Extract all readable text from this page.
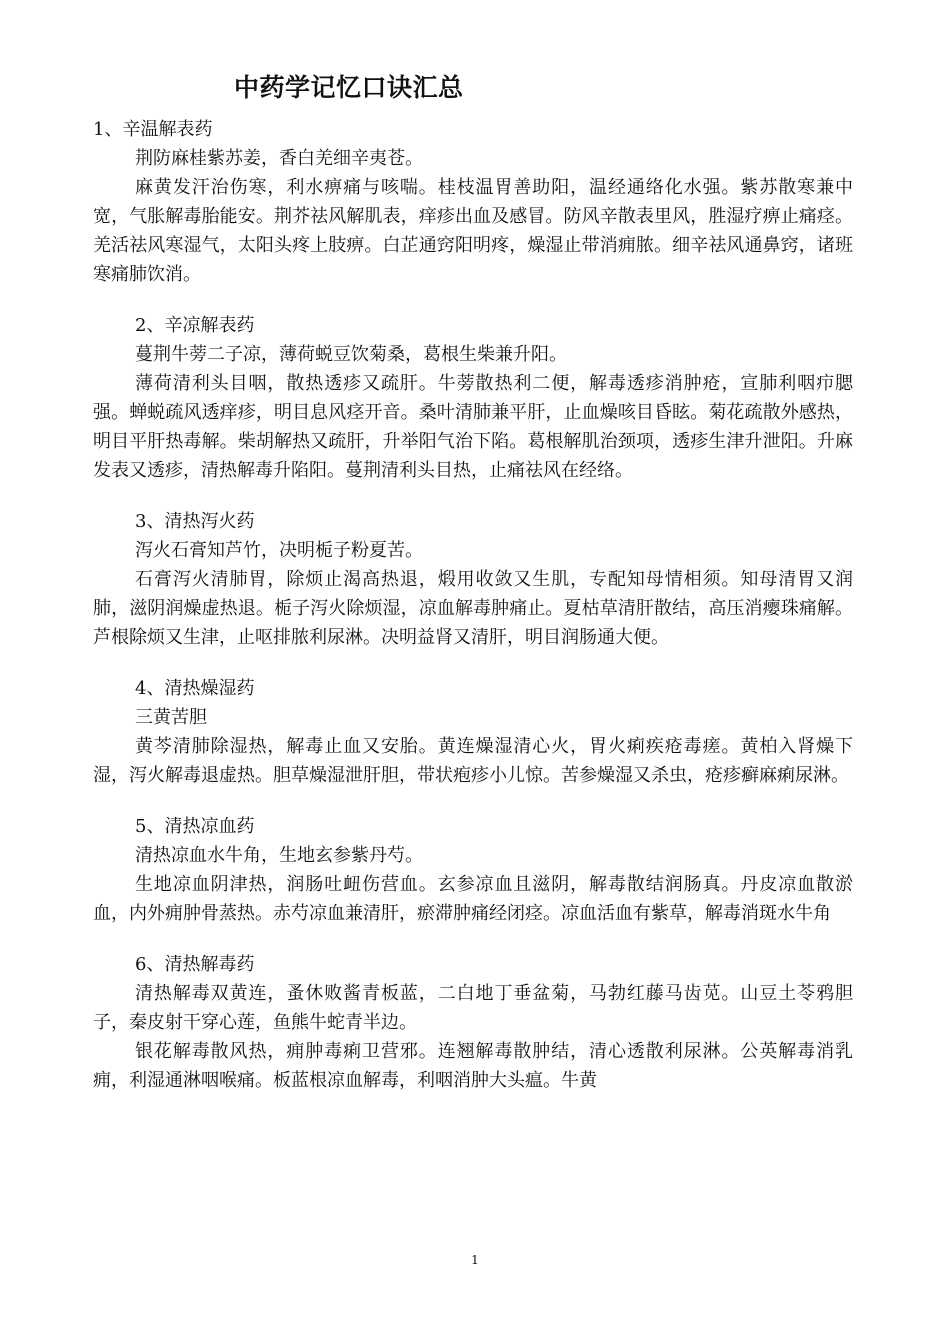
中药学记忆口诀汇总
1、辛温解表药

荆防麻桂紫苏姜，香白羌细辛夷苍。

麻黄发汗治伤寒，利水痹痛与咳喘。桂枝温胃善助阳，温经通络化水强。紫苏散寒兼中宽，气胀解毒胎能安。荆芥祛风解肌表，痒疹出血及感冒。防风辛散表里风，胜湿疗痹止痛痉。羌活祛风寒湿气，太阳头疼上肢痹。白芷通窍阳明疼，燥湿止带消痈脓。细辛祛风通鼻窍，诸班寒痛肺饮消。

2、辛凉解表药

蔓荆牛蒡二子凉，薄荷蜕豆饮菊桑，葛根生柴兼升阳。

薄荷清利头目咽，散热透疹又疏肝。牛蒡散热利二便，解毒透疹消肿疮，宣肺利咽疖腮强。蝉蜕疏风透痒疹，明目息风痉开音。桑叶清肺兼平肝，止血燥咳目昏眩。菊花疏散外感热，明目平肝热毒解。柴胡解热又疏肝，升举阳气治下陷。葛根解肌治颈项，透疹生津升泄阳。升麻发表又透疹，清热解毒升陷阳。蔓荆清利头目热，止痛祛风在经络。

3、清热泻火药

泻火石膏知芦竹，决明栀子粉夏苦。

石膏泻火清肺胃，除烦止渴高热退，煅用收敛又生肌，专配知母情相须。知母清胃又润肺，滋阴润燥虚热退。栀子泻火除烦湿，凉血解毒肿痛止。夏枯草清肝散结，高压消瘿珠痛解。芦根除烦又生津，止呕排脓利尿淋。决明益肾又清肝，明目润肠通大便。

4、清热燥湿药

三黄苦胆

黄芩清肺除湿热，解毒止血又安胎。黄连燥湿清心火，胃火痢疾疮毒瘥。黄柏入肾燥下湿，泻火解毒退虚热。胆草燥湿泄肝胆，带状疱疹小儿惊。苦参燥湿又杀虫，疮疹癣麻痢尿淋。

5、清热凉血药

清热凉血水牛角，生地玄参紫丹芍。

生地凉血阴津热，润肠吐衄伤营血。玄参凉血且滋阴，解毒散结润肠真。丹皮凉血散淤血，内外痈肿骨蒸热。赤芍凉血兼清肝，瘀滞肿痛经闭痉。凉血活血有紫草，解毒消斑水牛角

6、清热解毒药

清热解毒双黄连，蚤休败酱青板蓝，二白地丁垂盆菊，马勃红藤马齿苋。山豆土苓鸦胆子，秦皮射干穿心莲，鱼熊牛蛇青半边。

银花解毒散风热，痈肿毒痢卫营邪。连翘解毒散肿结，清心透散利尿淋。公英解毒消乳痈，利湿通淋咽喉痛。板蓝根凉血解毒，利咽消肿大头瘟。牛黄

1
